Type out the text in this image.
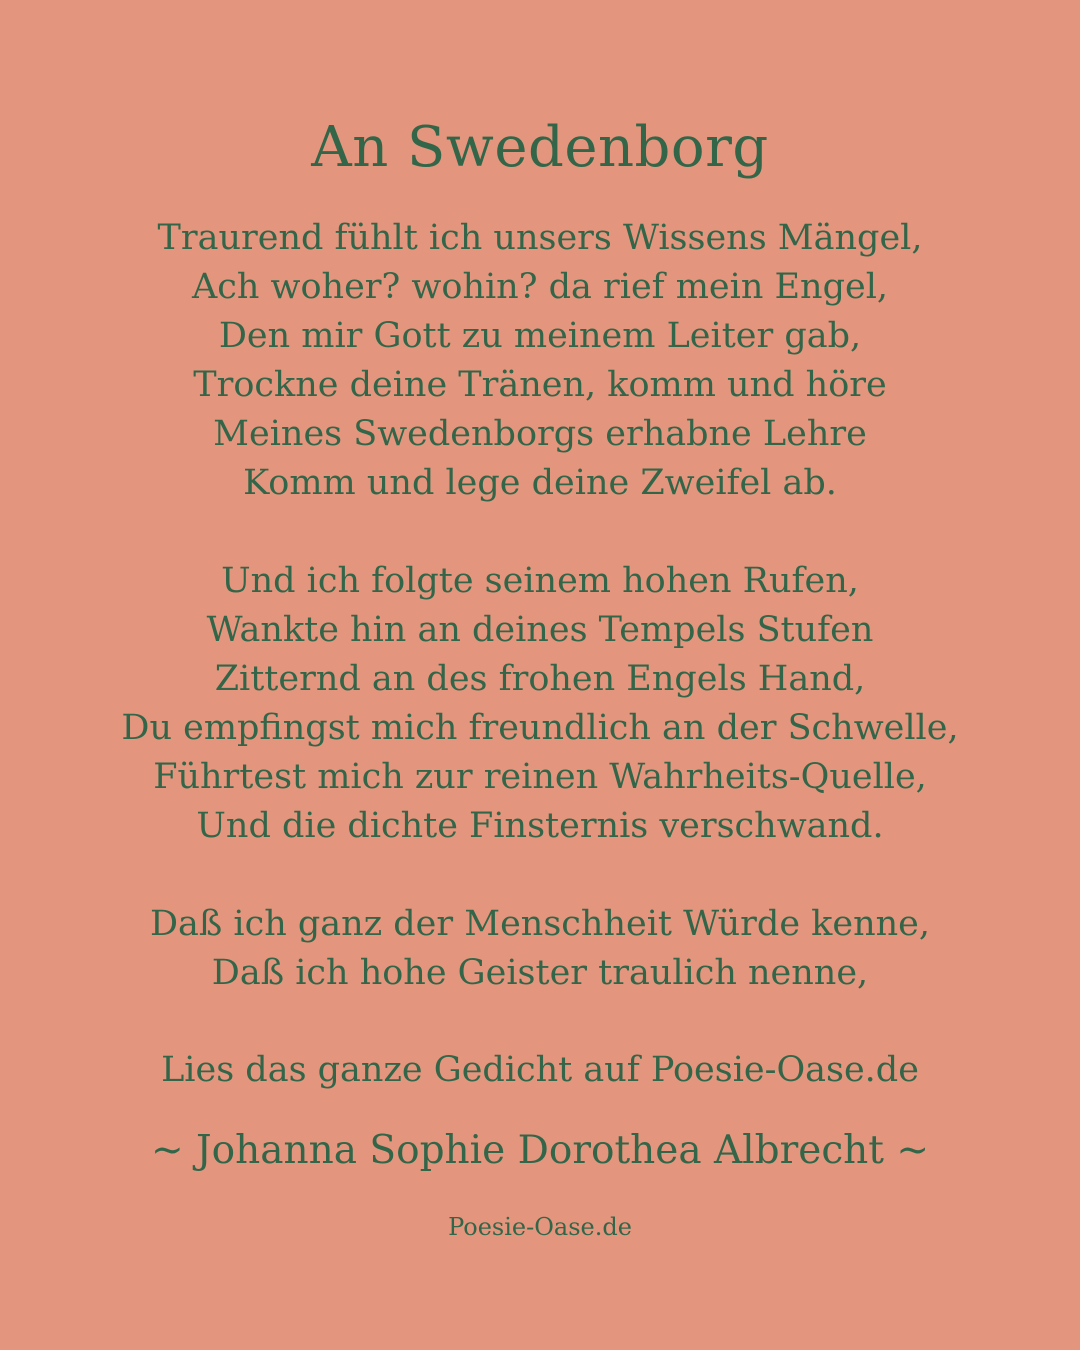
An Swedenborg
Traurend fühlt ich unsers Wissens Mängel,
Ach woher? wohin? da rief mein Engel,
Den mir Gott zu meinem Leiter gab,
Trockne deine Tränen, komm und höre
Meines Swedenborgs erhabne Lehre
Komm und lege deine Zweifel ab.
Und ich folgte seinem hohen Rufen,
Wankte hin an deines Tempels Stufen
Zitternd an des frohen Engels Hand,
Du empfingst mich freundlich an der Schwelle,
Führtest mich zur reinen Wahrheits-Quelle,
Und die dichte Finsternis verschwand.
Daß ich ganz der Menschheit Würde kenne,
Daß ich hohe Geister traulich nenne,
Lies das ganze Gedicht auf Poesie-Oase.de
~ Johanna Sophie Dorothea Albrecht ~
Poesie-Oase.de
